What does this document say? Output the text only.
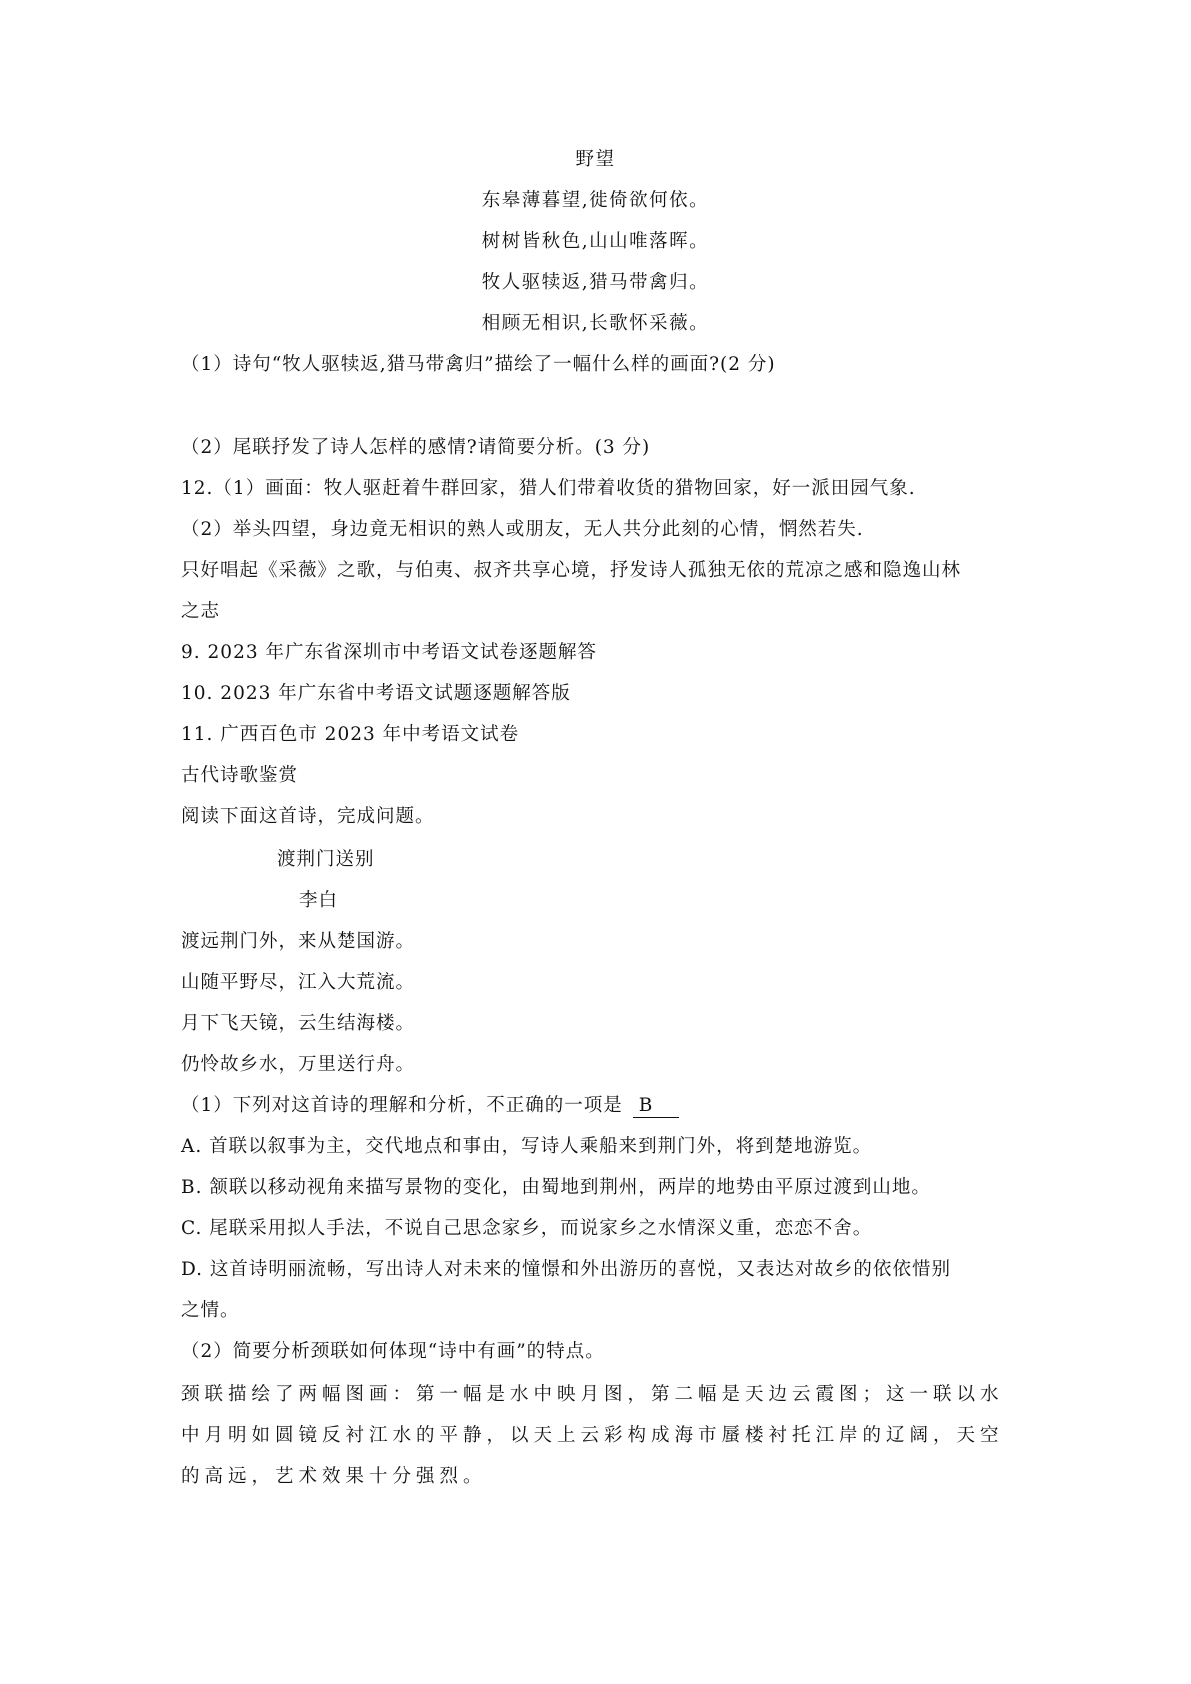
野望
东皋薄暮望,徙倚欲何依。
树树皆秋色,山山唯落晖。
牧人驱犊返,猎马带禽归。
相顾无相识,长歌怀采薇。
（1）诗句“牧人驱犊返,猎马带禽归”描绘了一幅什么样的画面?(2 分)
（2）尾联抒发了诗人怎样的感情?请简要分析。(3 分)
12.（1）画面：牧人驱赶着牛群回家，猎人们带着收货的猎物回家，好一派田园气象.
（2）举头四望，身边竟无相识的熟人或朋友，无人共分此刻的心情，惘然若失.
只好唱起《采薇》之歌，与伯夷、叔齐共享心境，抒发诗人孤独无依的荒凉之感和隐逸山林
之志
9. 2023 年广东省深圳市中考语文试卷逐题解答
10. 2023 年广东省中考语文试题逐题解答版
11. 广西百色市 2023 年中考语文试卷
古代诗歌鉴赏
阅读下面这首诗，完成问题。
渡荆门送别
李白
渡远荆门外，来从楚国游。
山随平野尽，江入大荒流。
月下飞天镜，云生结海楼。
仍怜故乡水，万里送行舟。
（1）下列对这首诗的理解和分析，不正确的一项是 B
A. 首联以叙事为主，交代地点和事由，写诗人乘船来到荆门外，将到楚地游览。
B. 颔联以移动视角来描写景物的变化，由蜀地到荆州，两岸的地势由平原过渡到山地。
C. 尾联采用拟人手法，不说自己思念家乡，而说家乡之水情深义重，恋恋不舍。
D. 这首诗明丽流畅，写出诗人对未来的憧憬和外出游历的喜悦，又表达对故乡的依依惜别
之情。
（2）简要分析颈联如何体现“诗中有画”的特点。
颈联描绘了两幅图画：第一幅是水中映月图，第二幅是天边云霞图；这一联以水
中月明如圆镜反衬江水的平静，以天上云彩构成海市蜃楼衬托江岸的辽阔，天空
的高远，艺术效果十分强烈。
